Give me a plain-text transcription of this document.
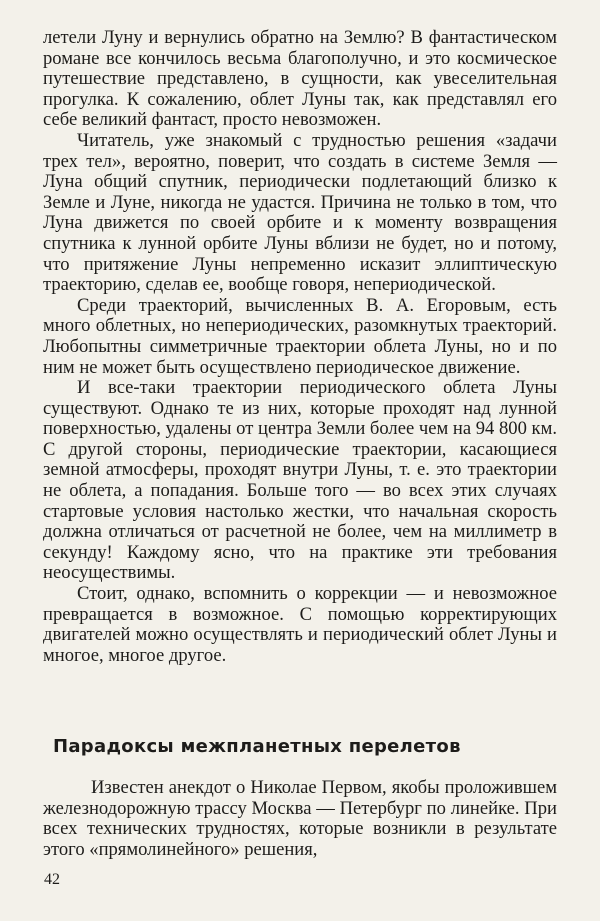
летели Луну и вернулись обратно на Землю? В фантастическом романе все кончилось весьма благополучно, и это космическое путешествие представлено, в сущности, как увеселительная прогулка. К сожалению, облет Луны так, как представлял его себе великий фантаст, просто невозможен.

Читатель, уже знакомый с трудностью решения «задачи трех тел», вероятно, поверит, что создать в системе Земля — Луна общий спутник, периодически подлетающий близко к Земле и Луне, никогда не удастся. Причина не только в том, что Луна движется по своей орбите и к моменту возвращения спутника к лунной орбите Луны вблизи не будет, но и потому, что притяжение Луны непременно исказит эллиптическую траекторию, сделав ее, вообще говоря, непериодической.

Среди траекторий, вычисленных В. А. Егоровым, есть много облетных, но непериодических, разомкнутых траекторий. Любопытны симметричные траектории облета Луны, но и по ним не может быть осуществлено периодическое движение.

И все-таки траектории периодического облета Луны существуют. Однако те из них, которые проходят над лунной поверхностью, удалены от центра Земли более чем на 94 800 км. С другой стороны, периодические траектории, касающиеся земной атмосферы, проходят внутри Луны, т. е. это траектории не облета, а попадания. Больше того — во всех этих случаях стартовые условия настолько жестки, что начальная скорость должна отличаться от расчетной не более, чем на миллиметр в секунду! Каждому ясно, что на практике эти требования неосуществимы.

Стоит, однако, вспомнить о коррекции — и невозможное превращается в возможное. С помощью корректирующих двигателей можно осуществлять и периодический облет Луны и многое, многое другое.

Парадоксы межпланетных перелетов

Известен анекдот о Николае Первом, якобы проложившем железнодорожную трассу Москва — Петербург по линейке. При всех технических трудностях, которые возникли в результате этого «прямолинейного» решения,

42
